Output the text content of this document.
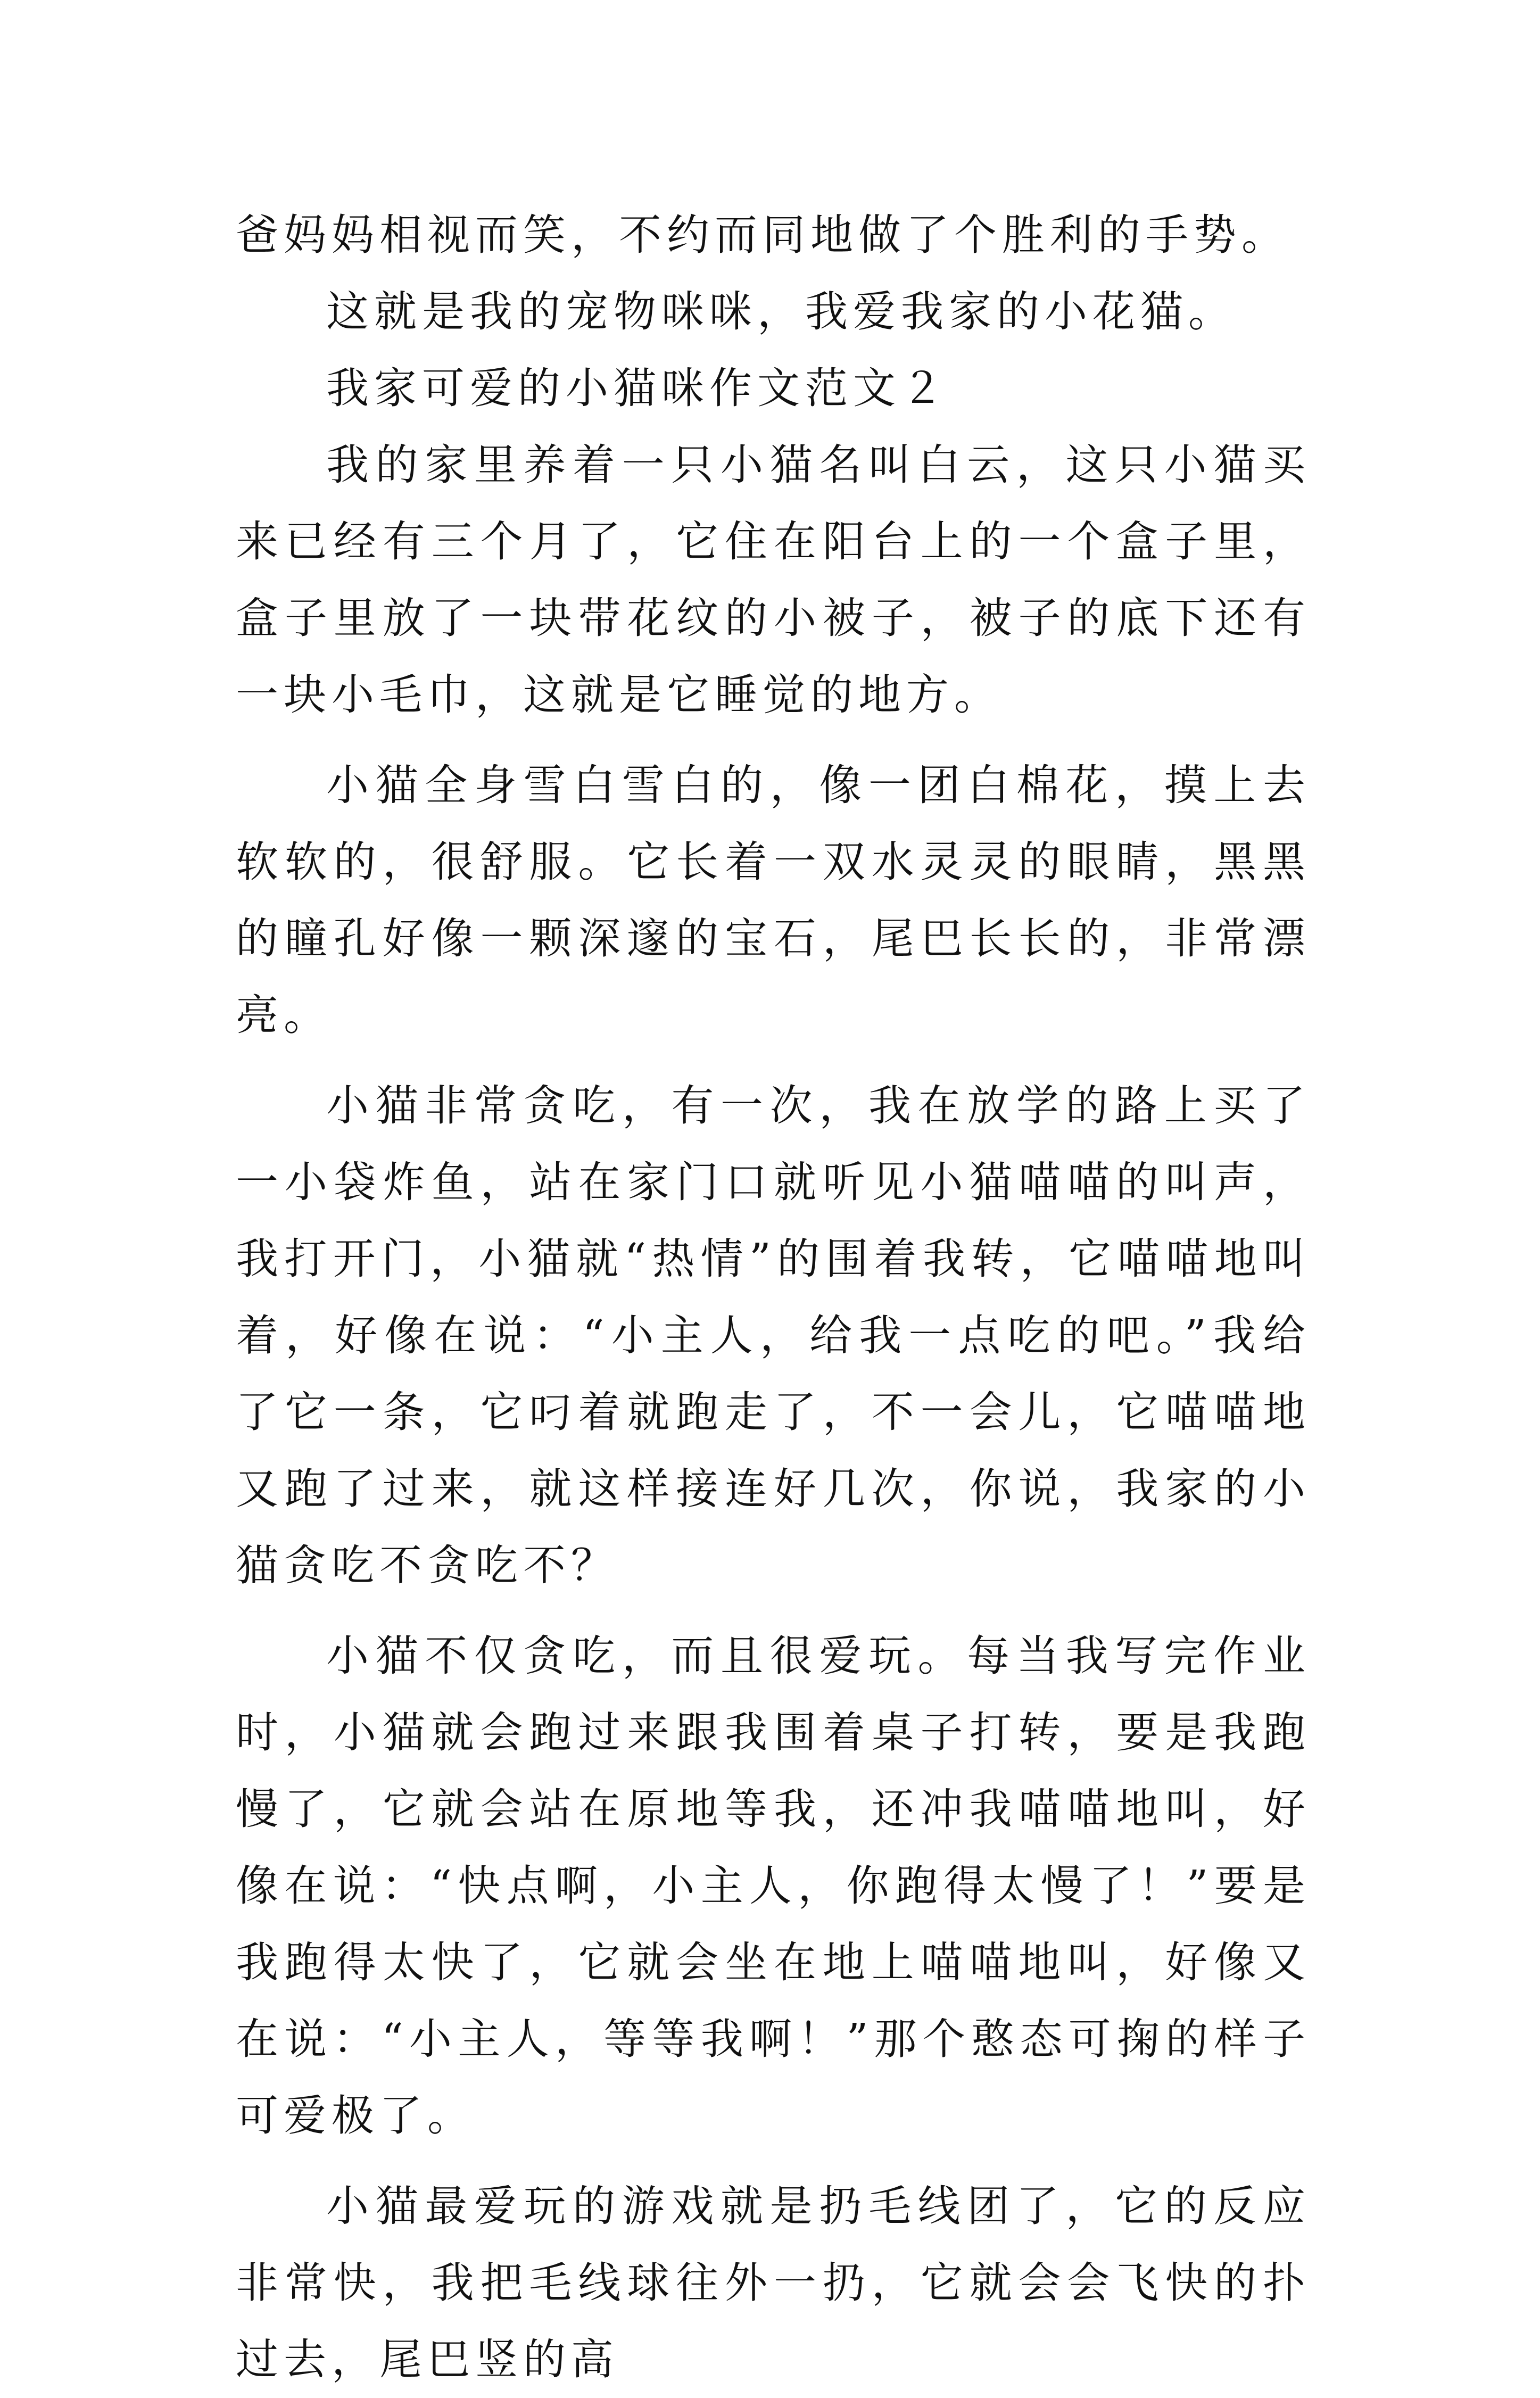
爸妈妈相视而笑，不约而同地做了个胜利的手势。

这就是我的宠物咪咪，我爱我家的小花猫。

我家可爱的小猫咪作文范文２

我的家里养着一只小猫名叫白云，这只小猫买来已经有三个月了，它住在阳台上的一个盒子里，盒子里放了一块带花纹的小被子，被子的底下还有一块小毛巾，这就是它睡觉的地方。

小猫全身雪白雪白的，像一团白棉花，摸上去软软的，很舒服。它长着一双水灵灵的眼睛，黑黑的瞳孔好像一颗深邃的宝石，尾巴长长的，非常漂亮。

小猫非常贪吃，有一次，我在放学的路上买了一小袋炸鱼，站在家门口就听见小猫喵喵的叫声，我打开门，小猫就“热情”的围着我转，它喵喵地叫着，好像在说：“小主人，给我一点吃的吧。”我给了它一条，它叼着就跑走了，不一会儿，它喵喵地又跑了过来，就这样接连好几次，你说，我家的小猫贪吃不贪吃不？

小猫不仅贪吃，而且很爱玩。每当我写完作业时，小猫就会跑过来跟我围着桌子打转，要是我跑慢了，它就会站在原地等我，还冲我喵喵地叫，好像在说：“快点啊，小主人，你跑得太慢了！”要是我跑得太快了，它就会坐在地上喵喵地叫，好像又在说：“小主人，等等我啊！”那个憨态可掬的样子可爱极了。

小猫最爱玩的游戏就是扔毛线团了，它的反应非常快，我把毛线球往外一扔，它就会会飞快的扑过去，尾巴竖的高
